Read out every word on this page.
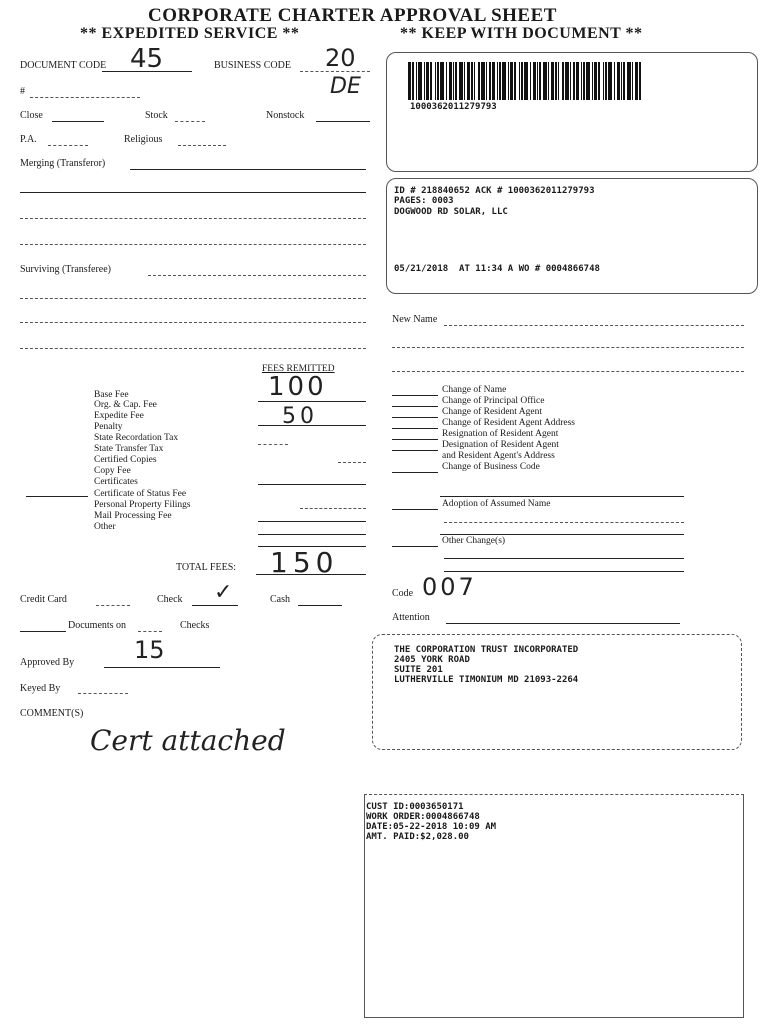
CORPORATE CHARTER APPROVAL SHEET
** EXPEDITED SERVICE **	** KEEP WITH DOCUMENT **
DOCUMENT CODE 45	BUSINESS CODE 20
DE
#
Close	Stock	Nonstock
P.A.	Religious
Merging (Transferor)
Surviving (Transferee)
FEES REMITTED
Base Fee	100
Org. & Cap. Fee
Expedite Fee	50
Penalty
State Recordation Tax
State Transfer Tax
Certified Copies
Copy Fee
Certificates
Certificate of Status Fee
Personal Property Filings
Mail Processing Fee
Other
TOTAL FEES: 150
Credit Card	Check ✓	Cash
Documents on	Checks
Approved By 15
Keyed By
COMMENT(S)
Cert attached
1000362011279793
ID # 218840652 ACK # 1000362011279793
PAGES: 0003
DOGWOOD RD SOLAR, LLC
05/21/2018  AT 11:34 A WO # 0004866748
New Name
Change of Name
Change of Principal Office
Change of Resident Agent
Change of Resident Agent Address
Resignation of Resident Agent
Designation of Resident Agent
and Resident Agent's Address
Change of Business Code
Adoption of Assumed Name
Other Change(s)
Code 007
Attention
THE CORPORATION TRUST INCORPORATED
2405 YORK ROAD
SUITE 201
LUTHERVILLE TIMONIUM MD 21093-2264
CUST ID:0003650171
WORK ORDER:0004866748
DATE:05-22-2018 10:09 AM
AMT. PAID:$2,028.00
